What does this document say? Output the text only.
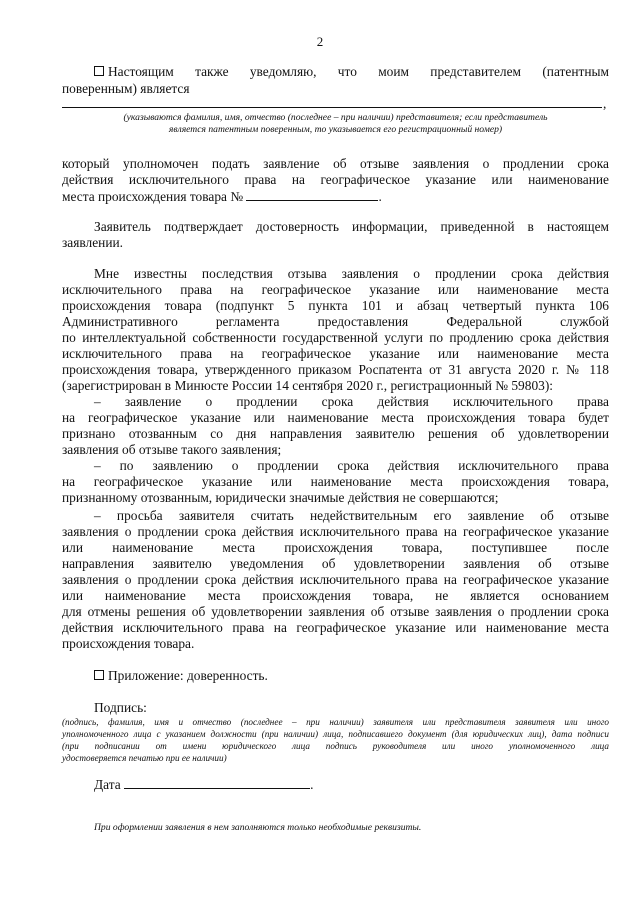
2
Настоящим также уведомляю, что моим представителем (патентным
поверенным) является
,
(указываются фамилия, имя, отчество (последнее – при наличии) представителя; если представитель
является патентным поверенным, то указывается его регистрационный номер)
который уполномочен подать заявление об отзыве заявления о продлении срока
действия исключительного права на географическое указание или наименование
места происхождения товара №	.
Заявитель подтверждает достоверность информации, приведенной в настоящем
заявлении.
Мне известны последствия отзыва заявления о продлении срока действия
исключительного права на географическое указание или наименование места
происхождения товара (подпункт 5 пункта 101 и абзац четвертый пункта 106
Административного регламента предоставления Федеральной службой
по интеллектуальной собственности государственной услуги по продлению срока действия
исключительного права на географическое указание или наименование места
происхождения товара, утвержденного приказом Роспатента от 31 августа 2020 г. № 118
(зарегистрирован в Минюсте России 14 сентября 2020 г., регистрационный № 59803):
– заявление о продлении срока действия исключительного права
на географическое указание или наименование места происхождения товара будет
признано отозванным со дня направления заявителю решения об удовлетворении
заявления об отзыве такого заявления;
– по заявлению о продлении срока действия исключительного права
на географическое указание или наименование места происхождения товара,
признанному отозванным, юридически значимые действия не совершаются;
– просьба заявителя считать недействительным его заявление об отзыве
заявления о продлении срока действия исключительного права на географическое указание
или наименование места происхождения товара, поступившее после
направления заявителю уведомления об удовлетворении заявления об отзыве
заявления о продлении срока действия исключительного права на географическое указание
или наименование места происхождения товара, не является основанием
для отмены решения об удовлетворении заявления об отзыве заявления о продлении срока
действия исключительного права на географическое указание или наименование места
происхождения товара.
Приложение: доверенность.
Подпись:
(подпись, фамилия, имя и отчество (последнее – при наличии) заявителя или представителя заявителя или иного
уполномоченного лица с указанием должности (при наличии) лица, подписавшего документ (для юридических лиц), дата подписи
(при подписании от имени юридического лица подпись руководителя или иного уполномоченного лица
удостоверяется печатью при ее наличии)
Дата	.
При оформлении заявления в нем заполняются только необходимые реквизиты.
